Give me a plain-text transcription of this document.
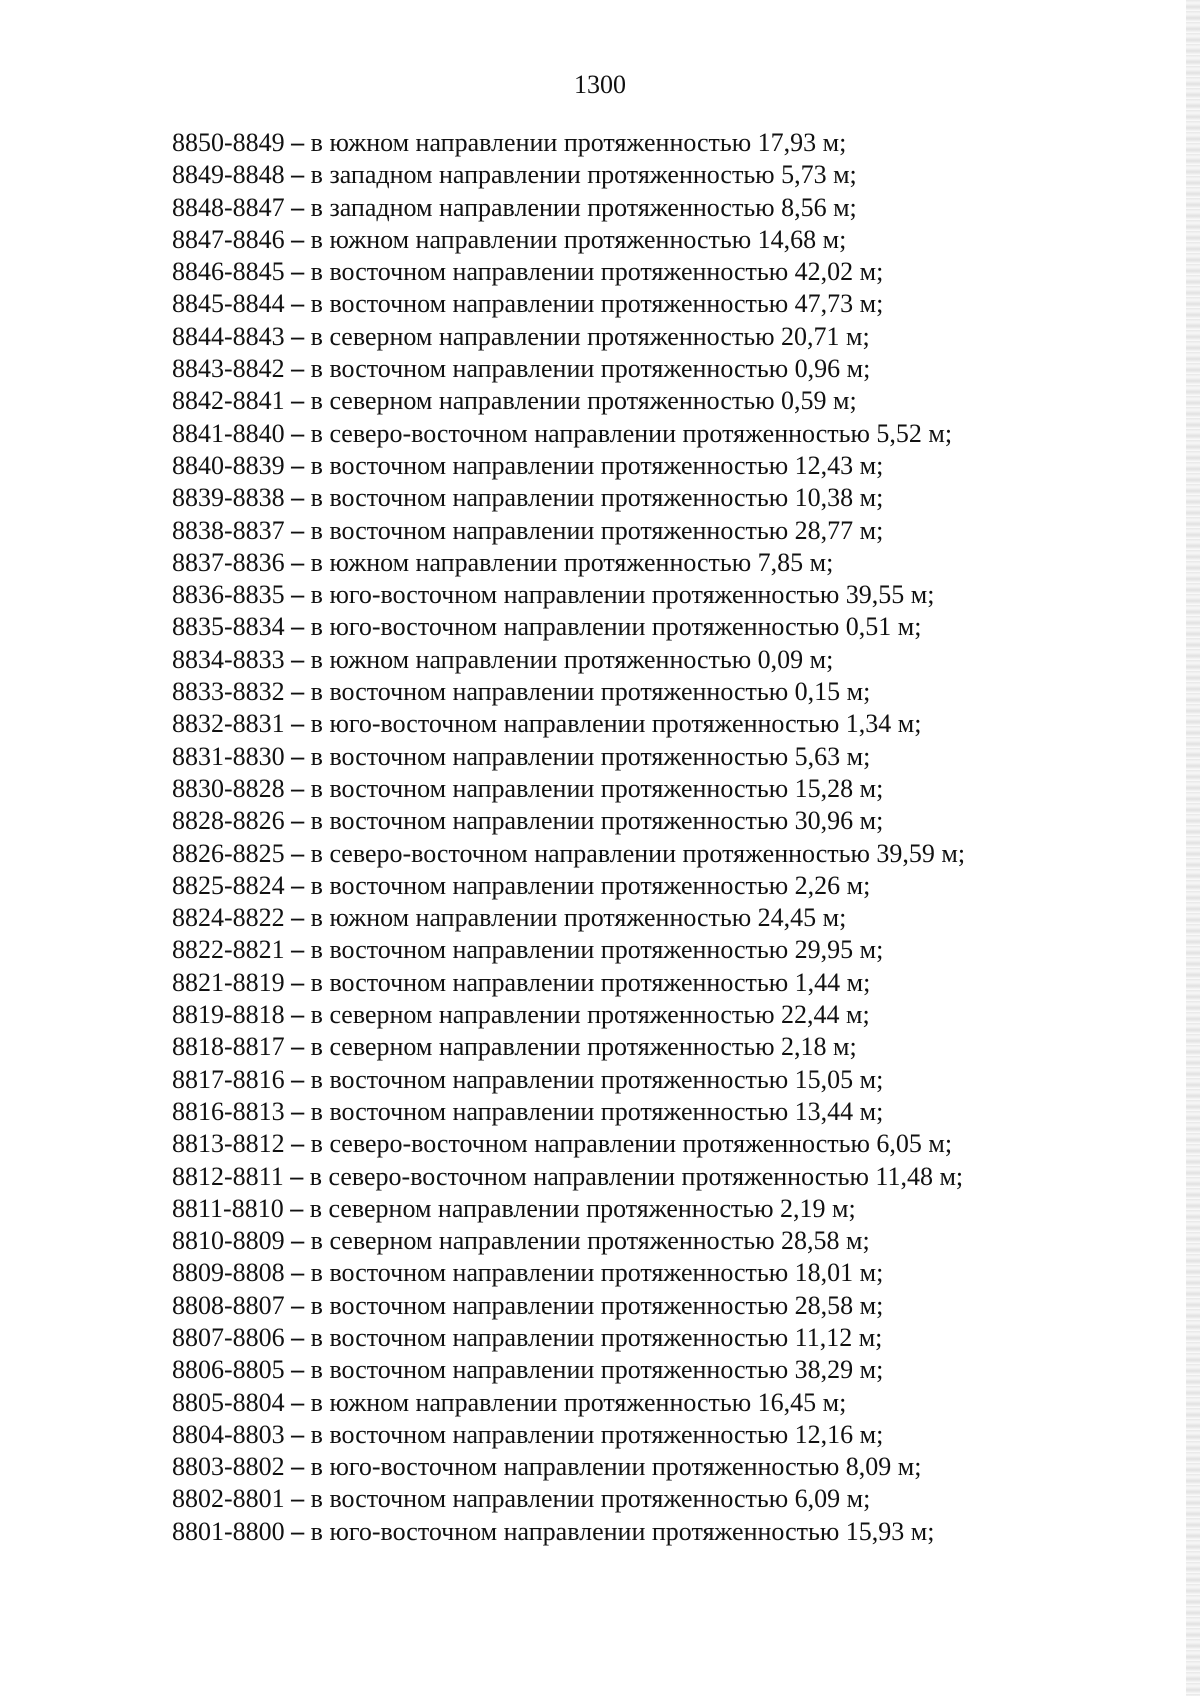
1300
8850-8849 – в южном направлении протяженностью 17,93 м;
8849-8848 – в западном направлении протяженностью 5,73 м;
8848-8847 – в западном направлении протяженностью 8,56 м;
8847-8846 – в южном направлении протяженностью 14,68 м;
8846-8845 – в восточном направлении протяженностью 42,02 м;
8845-8844 – в восточном направлении протяженностью 47,73 м;
8844-8843 – в северном направлении протяженностью 20,71 м;
8843-8842 – в восточном направлении протяженностью 0,96 м;
8842-8841 – в северном направлении протяженностью 0,59 м;
8841-8840 – в северо-восточном направлении протяженностью 5,52 м;
8840-8839 – в восточном направлении протяженностью 12,43 м;
8839-8838 – в восточном направлении протяженностью 10,38 м;
8838-8837 – в восточном направлении протяженностью 28,77 м;
8837-8836 – в южном направлении протяженностью 7,85 м;
8836-8835 – в юго-восточном направлении протяженностью 39,55 м;
8835-8834 – в юго-восточном направлении протяженностью 0,51 м;
8834-8833 – в южном направлении протяженностью 0,09 м;
8833-8832 – в восточном направлении протяженностью 0,15 м;
8832-8831 – в юго-восточном направлении протяженностью 1,34 м;
8831-8830 – в восточном направлении протяженностью 5,63 м;
8830-8828 – в восточном направлении протяженностью 15,28 м;
8828-8826 – в восточном направлении протяженностью 30,96 м;
8826-8825 – в северо-восточном направлении протяженностью 39,59 м;
8825-8824 – в восточном направлении протяженностью 2,26 м;
8824-8822 – в южном направлении протяженностью 24,45 м;
8822-8821 – в восточном направлении протяженностью 29,95 м;
8821-8819 – в восточном направлении протяженностью 1,44 м;
8819-8818 – в северном направлении протяженностью 22,44 м;
8818-8817 – в северном направлении протяженностью 2,18 м;
8817-8816 – в восточном направлении протяженностью 15,05 м;
8816-8813 – в восточном направлении протяженностью 13,44 м;
8813-8812 – в северо-восточном направлении протяженностью 6,05 м;
8812-8811 – в северо-восточном направлении протяженностью 11,48 м;
8811-8810 – в северном направлении протяженностью 2,19 м;
8810-8809 – в северном направлении протяженностью 28,58 м;
8809-8808 – в восточном направлении протяженностью 18,01 м;
8808-8807 – в восточном направлении протяженностью 28,58 м;
8807-8806 – в восточном направлении протяженностью 11,12 м;
8806-8805 – в восточном направлении протяженностью 38,29 м;
8805-8804 – в южном направлении протяженностью 16,45 м;
8804-8803 – в восточном направлении протяженностью 12,16 м;
8803-8802 – в юго-восточном направлении протяженностью 8,09 м;
8802-8801 – в восточном направлении протяженностью 6,09 м;
8801-8800 – в юго-восточном направлении протяженностью 15,93 м;
